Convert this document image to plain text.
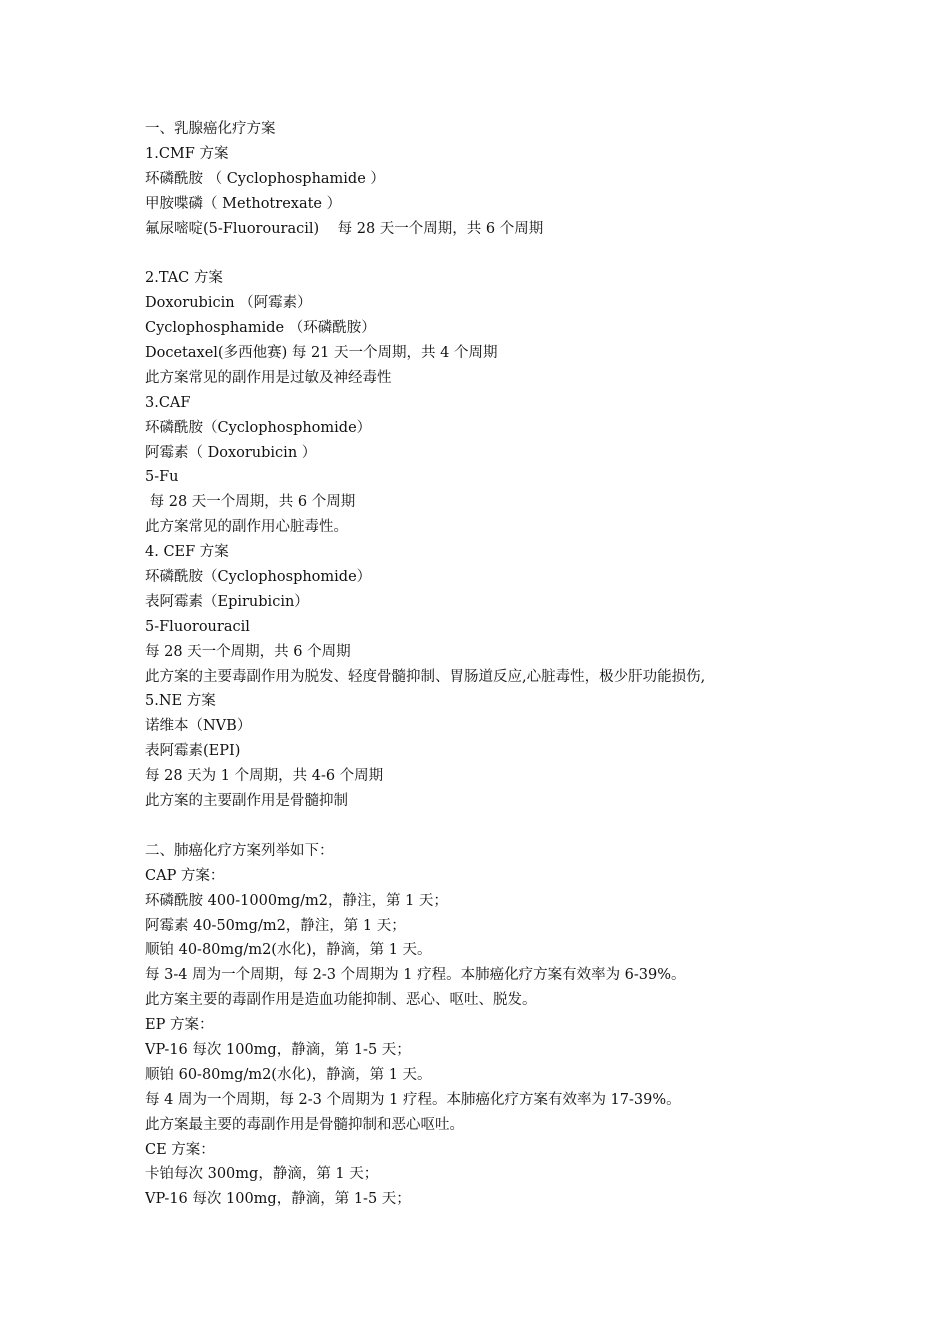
一、乳腺癌化疗方案
1.CMF 方案
环磷酰胺 （ Cyclophosphamide ）
甲胺喋磷（ Methotrexate ）
氟尿嘧啶(5-Fluorouracil)    每 28 天一个周期，共 6 个周期
2.TAC 方案
Doxorubicin （阿霉素）
Cyclophosphamide （环磷酰胺）
Docetaxel(多西他赛) 每 21 天一个周期，共 4 个周期
此方案常见的副作用是过敏及神经毒性
3.CAF
环磷酰胺（Cyclophosphomide）
阿霉素（ Doxorubicin ）
5-Fu
每 28 天一个周期，共 6 个周期
此方案常见的副作用心脏毒性。
4. CEF 方案
环磷酰胺（Cyclophosphomide）
表阿霉素（Epirubicin）
5-Fluorouracil
每 28 天一个周期，共 6 个周期
此方案的主要毒副作用为脱发、轻度骨髓抑制、胃肠道反应,心脏毒性，极少肝功能损伤,
5.NE 方案
诺维本（NVB）
表阿霉素(EPI)
每 28 天为 1 个周期，共 4-6 个周期
此方案的主要副作用是骨髓抑制
二、肺癌化疗方案列举如下：
CAP 方案：
环磷酰胺 400-1000mg/m2，静注，第 1 天；
阿霉素 40-50mg/m2，静注，第 1 天；
顺铂 40-80mg/m2(水化)，静滴，第 1 天。
每 3-4 周为一个周期，每 2-3 个周期为 1 疗程。本肺癌化疗方案有效率为 6-39%。
此方案主要的毒副作用是造血功能抑制、恶心、呕吐、脱发。
EP 方案：
VP-16 每次 100mg，静滴，第 1-5 天；
顺铂 60-80mg/m2(水化)，静滴，第 1 天。
每 4 周为一个周期，每 2-3 个周期为 1 疗程。本肺癌化疗方案有效率为 17-39%。
此方案最主要的毒副作用是骨髓抑制和恶心呕吐。
CE 方案：
卡铂每次 300mg，静滴，第 1 天；
VP-16 每次 100mg，静滴，第 1-5 天；
